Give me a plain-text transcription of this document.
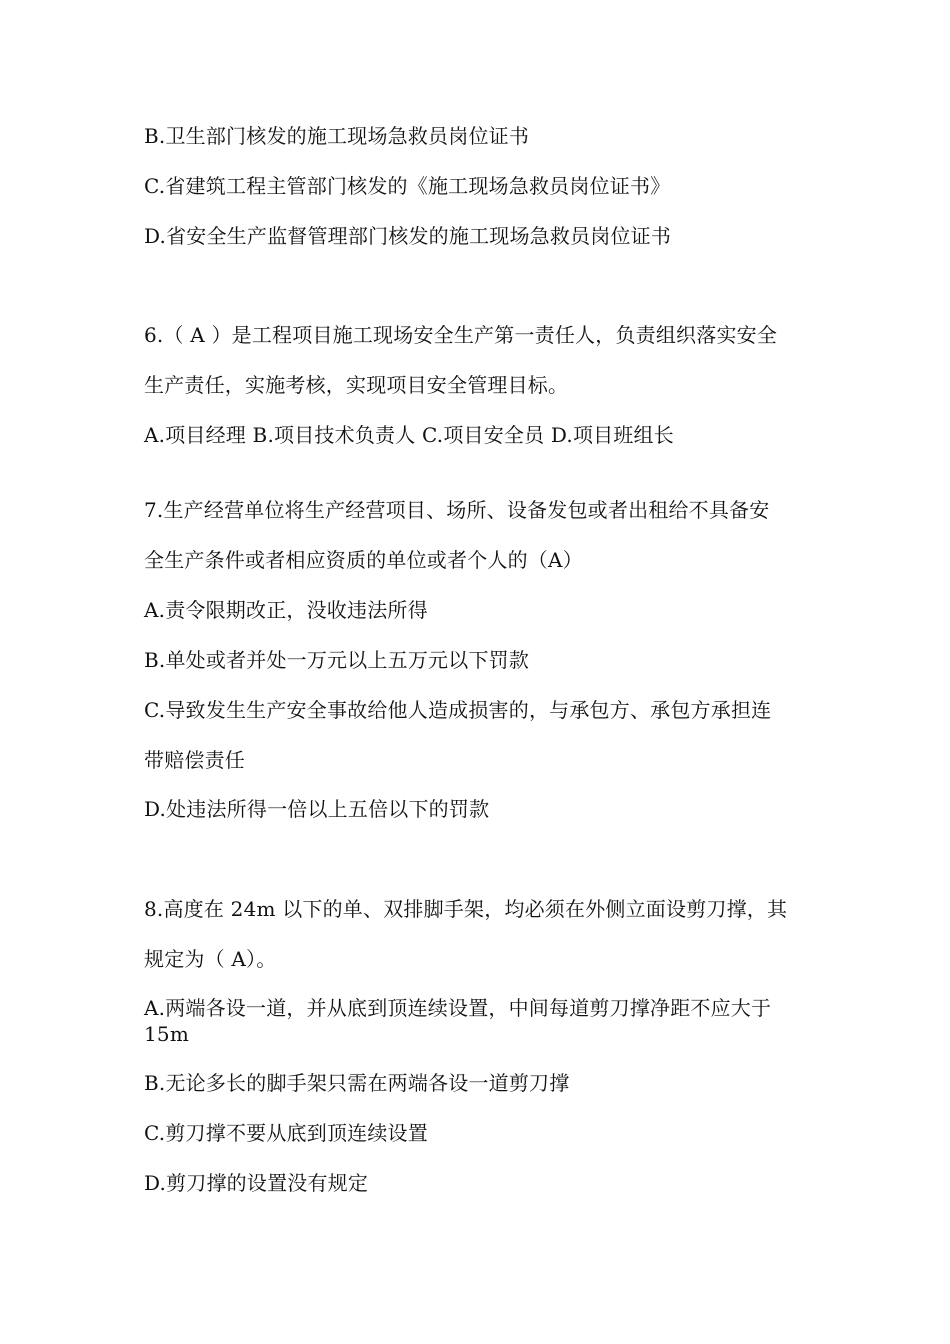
B.卫生部门核发的施工现场急救员岗位证书
C.省建筑工程主管部门核发的《施工现场急救员岗位证书》
D.省安全生产监督管理部门核发的施工现场急救员岗位证书
6.（ A ）是工程项目施工现场安全生产第一责任人，负责组织落实安全
生产责任，实施考核，实现项目安全管理目标。
A.项目经理 B.项目技术负责人 C.项目安全员 D.项目班组长
7.生产经营单位将生产经营项目、场所、设备发包或者出租给不具备安
全生产条件或者相应资质的单位或者个人的（A）
A.责令限期改正，没收违法所得
B.单处或者并处一万元以上五万元以下罚款
C.导致发生生产安全事故给他人造成损害的，与承包方、承包方承担连
带赔偿责任
D.处违法所得一倍以上五倍以下的罚款
8.高度在 24m 以下的单、双排脚手架，均必须在外侧立面设剪刀撑，其
规定为（ A）。
A.两端各设一道，并从底到顶连续设置，中间每道剪刀撑净距不应大于
15m
B.无论多长的脚手架只需在两端各设一道剪刀撑
C.剪刀撑不要从底到顶连续设置
D.剪刀撑的设置没有规定
